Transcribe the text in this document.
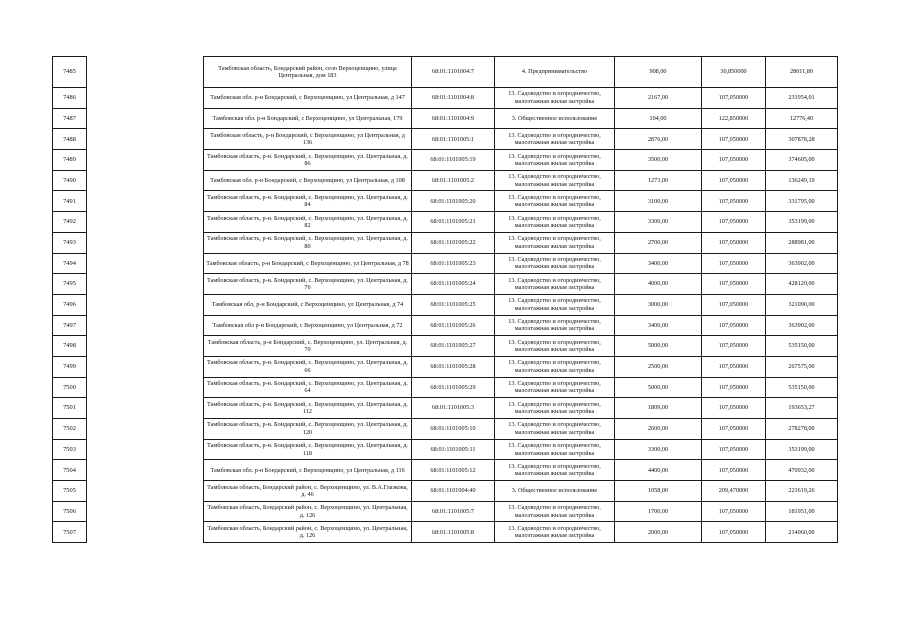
7485		Тамбовская область, Бондарский район, село Верхоценщино, улица Центральная, дом 183	68:01:1101004:7	4. Предпринимательство	908,00	30,850000	28011,80
7486		Тамбовская обл. р-н Бондарский, с Верхоценщино, ул Центральная, д 147	68:01:1101004:8	13. Садоводство и огородничество, малоэтажная жилая застройка	2167,00	107,050000	231954,01
7487		Тамбовская обл. р-н Бондарский, с Верхоценщино, ул Центральная, 179	68:01:1101004:9	3. Общественное использование	104,00	122,850000	12776,40
7488		Тамбовская область, р-н Бондарский, с Верхоценщино, ул Центральная, д 136	68:01:1101005:1	13. Садоводство и огородничество, малоэтажная жилая застройка	2876,00	107,050000	307878,28
7489		Тамбовская область, р-н. Бондарский, с. Верхоценщино, ул. Центральная, д. 86	68:01:1101005:19	13. Садоводство и огородничество, малоэтажная жилая застройка	3500,00	107,050000	374605,00
7490		Тамбовская обл. р-н Бондарский, с Верхоценщино, ул Центральная, д 108	68:01:1101005:2	13. Садоводство и огородничество, малоэтажная жилая застройка	1273,00	107,050000	136249,19
7491		Тамбовская область, р-н. Бондарский, с. Верхоценщино, ул. Центральная, д. 84	68:01:1101005:20	13. Садоводство и огородничество, малоэтажная жилая застройка	3100,00	107,050000	331795,00
7492		Тамбовская область, р-н. Бондарский, с. Верхоценщино, ул. Центральная, д. 82	68:01:1101005:21	13. Садоводство и огородничество, малоэтажная жилая застройка	3300,00	107,050000	353199,00
7493		Тамбовская область, р-н. Бондарский, с. Верхоценщино, ул. Центральная, д. 80	68:01:1101005:22	13. Садоводство и огородничество, малоэтажная жилая застройка	2700,00	107,050000	288981,00
7494		Тамбовская область, р-н Бондарский, с Верхоценщино, ул Центральная, д 78	68:01:1101005:23	13. Садоводство и огородничество, малоэтажная жилая застройка	3400,00	107,050000	363902,00
7495		Тамбовская область, р-н. Бондарский, с. Верхоценщино, ул. Центральная, д. 76	68:01:1101005:24	13. Садоводство и огородничество, малоэтажная жилая застройка	4000,00	107,050000	428120,00
7496		Тамбовская обл, р-н Бондарский, с Верхоценщино, ул Центральная, д 74	68:01:1101005:25	13. Садоводство и огородничество, малоэтажная жилая застройка	3000,00	107,050000	321090,00
7497		Тамбовская обл р-н Бондарский, с Верхоценщино, ул Центральная, д 72	68:01:1101005:26	13. Садоводство и огородничество, малоэтажная жилая застройка	3400,00	107,050000	363902,00
7498		Тамбовская область, р-н Бондарский, с. Верхоценщино, ул. Центральная, д. 70	68:01:1101005:27	13. Садоводство и огородничество, малоэтажная жилая застройка	5000,00	107,050000	535150,00
7499		Тамбовская область, р-н. Бондарский, с. Верхоценщино, ул. Центральная, д. 66	68:01:1101005:28	13. Садоводство и огородничество, малоэтажная жилая застройка	2500,00	107,050000	267575,00
7500		Тамбовская область, р-н. Бондарский, с. Верхоценщино, ул. Центральная, д. 64	68:01:1101005:29	13. Садоводство и огородничество, малоэтажная жилая застройка	5000,00	107,050000	535150,00
7501		Тамбовская область, р-н. Бондарский, с. Верхоценщино, ул. Центральная, д. 112	68:01:1101005:3	13. Садоводство и огородничество, малоэтажная жилая застройка	1809,00	107,050000	193653,27
7502		Тамбовская область, р-н. Бондарский, с. Верхоценщино, ул. Центральная, д. 120	68:01:1101005:10	13. Садоводство и огородничество, малоэтажная жилая застройка	2600,00	107,050000	278278,00
7503		Тамбовская область, р-н. Бондарский, с. Верхоценщино, ул. Центральная, д. 118	68:01:1101005:11	13. Садоводство и огородничество, малоэтажная жилая застройка	3300,00	107,050000	353199,00
7504		Тамбовская обл. р-н Бондарский, с Верхоценщино, ул Центральная, д 116	68:01:1101005:12	13. Садоводство и огородничество, малоэтажная жилая застройка	4400,00	107,050000	470932,00
7505		Тамбовская область, Бондарский район, с. Верхоценщино, ул. В.А.Глазкова, д. 46	68:01:1101004:40	3. Общественное использование	1058,00	209,470000	221619,26
7506		Тамбовская область, Бондарский район, с. Верхоценщино, ул. Центральная, д. 126	68:01:1101005:7	13. Садоводство и огородничество, малоэтажная жилая застройка	1700,00	107,050000	181951,00
7507		Тамбовская область, Бондарский район, с. Верхоценщино, ул. Центральная, д. 126	68:01:1101005:8	13. Садоводство и огородничество, малоэтажная жилая застройка	2000,00	107,050000	214060,00
